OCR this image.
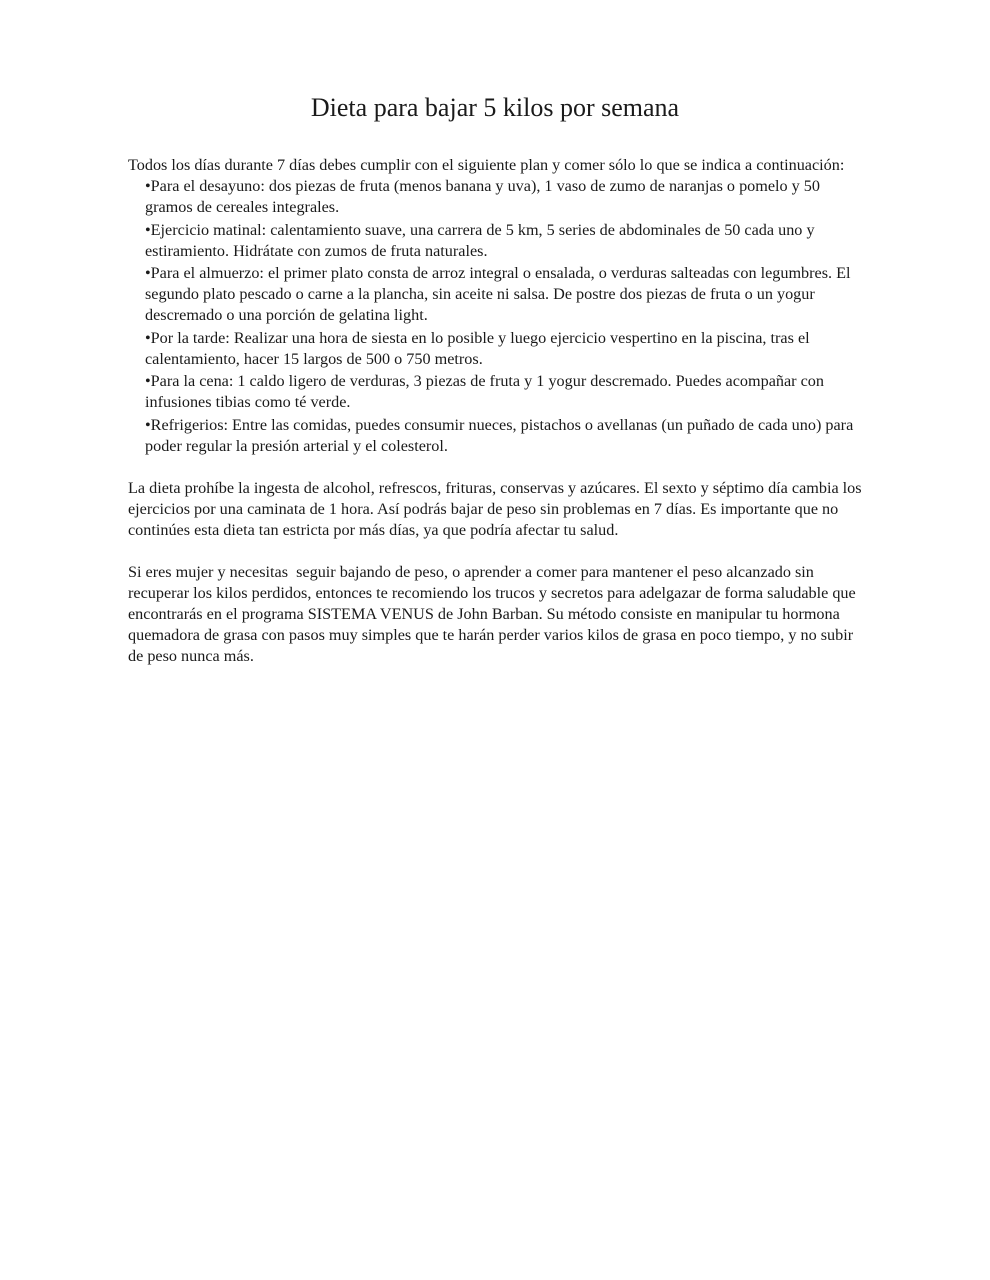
Dieta para bajar 5 kilos por semana

Todos los días durante 7 días debes cumplir con el siguiente plan y comer sólo lo que se indica a continuación:

•Para el desayuno: dos piezas de fruta (menos banana y uva), 1 vaso de zumo de naranjas o pomelo y 50 gramos de cereales integrales.
•Ejercicio matinal: calentamiento suave, una carrera de 5 km, 5 series de abdominales de 50 cada uno y estiramiento. Hidrátate con zumos de fruta naturales.
•Para el almuerzo: el primer plato consta de arroz integral o ensalada, o verduras salteadas con legumbres. El segundo plato pescado o carne a la plancha, sin aceite ni salsa. De postre dos piezas de fruta o un yogur descremado o una porción de gelatina light.
•Por la tarde: Realizar una hora de siesta en lo posible y luego ejercicio vespertino en la piscina, tras el calentamiento, hacer 15 largos de 500 o 750 metros.
•Para la cena: 1 caldo ligero de verduras, 3 piezas de fruta y 1 yogur descremado. Puedes acompañar con infusiones tibias como té verde.
•Refrigerios: Entre las comidas, puedes consumir nueces, pistachos o avellanas (un puñado de cada uno) para poder regular la presión arterial y el colesterol.

La dieta prohíbe la ingesta de alcohol, refrescos, frituras, conservas y azúcares. El sexto y séptimo día cambia los ejercicios por una caminata de 1 hora. Así podrás bajar de peso sin problemas en 7 días. Es importante que no continúes esta dieta tan estricta por más días, ya que podría afectar tu salud.

Si eres mujer y necesitas  seguir bajando de peso, o aprender a comer para mantener el peso alcanzado sin recuperar los kilos perdidos, entonces te recomiendo los trucos y secretos para adelgazar de forma saludable que encontrarás en el programa SISTEMA VENUS de John Barban. Su método consiste en manipular tu hormona quemadora de grasa con pasos muy simples que te harán perder varios kilos de grasa en poco tiempo, y no subir de peso nunca más.
